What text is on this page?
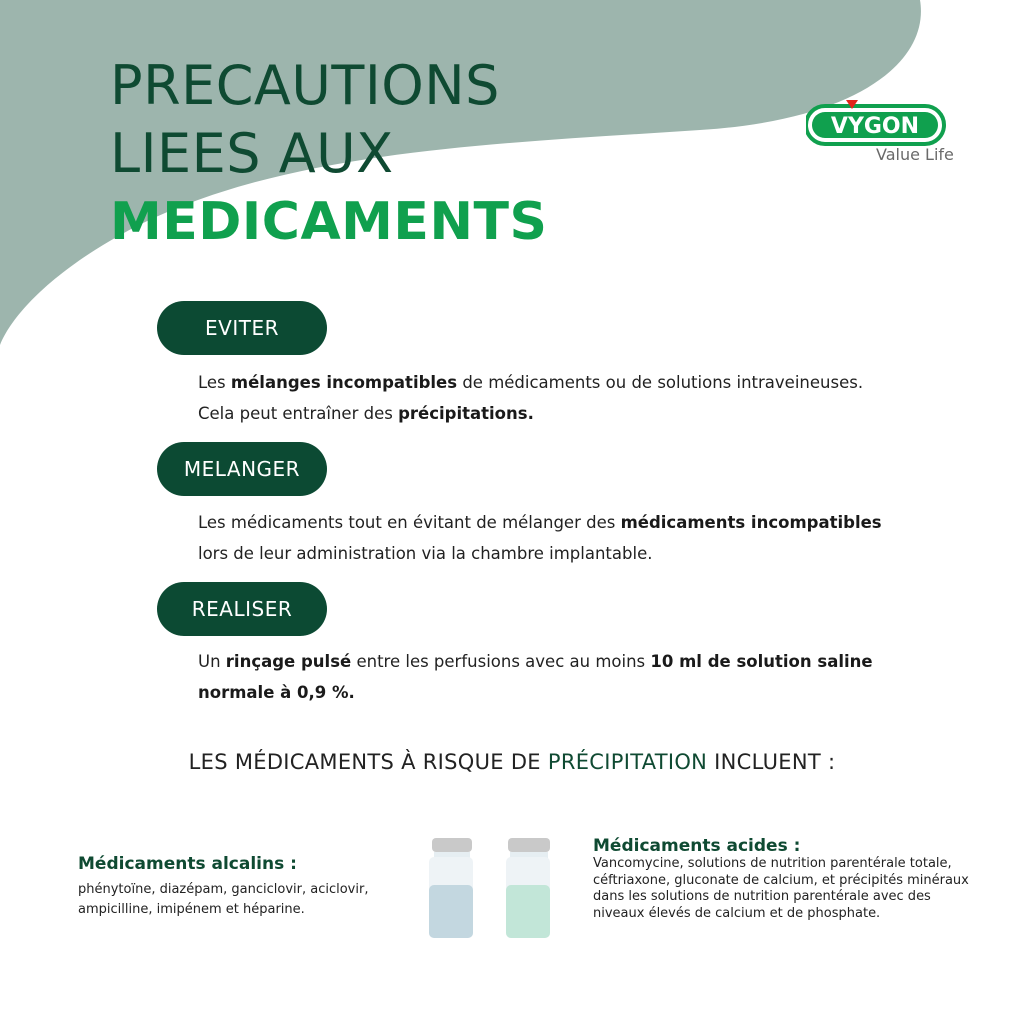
PRECAUTIONS
LIEES AUX
MEDICAMENTS
VYGON
Value Life
EVITER

Les mélanges incompatibles de médicaments ou de solutions intraveineuses.
Cela peut entraîner des précipitations.

MELANGER

Les médicaments tout en évitant de mélanger des médicaments incompatibles
lors de leur administration via la chambre implantable.

REALISER

Un rinçage pulsé entre les perfusions avec au moins 10 ml de solution saline
normale à 0,9 %.

LES MÉDICAMENTS À RISQUE DE PRÉCIPITATION INCLUENT :

Médicaments alcalins :

phénytoïne, diazépam, ganciclovir, aciclovir, ampicilline, imipénem et héparine.

Médicaments acides :

Vancomycine, solutions de nutrition parentérale totale, céftriaxone, gluconate de calcium, et précipités minéraux dans les solutions de nutrition parentérale avec des niveaux élevés de calcium et de phosphate.
